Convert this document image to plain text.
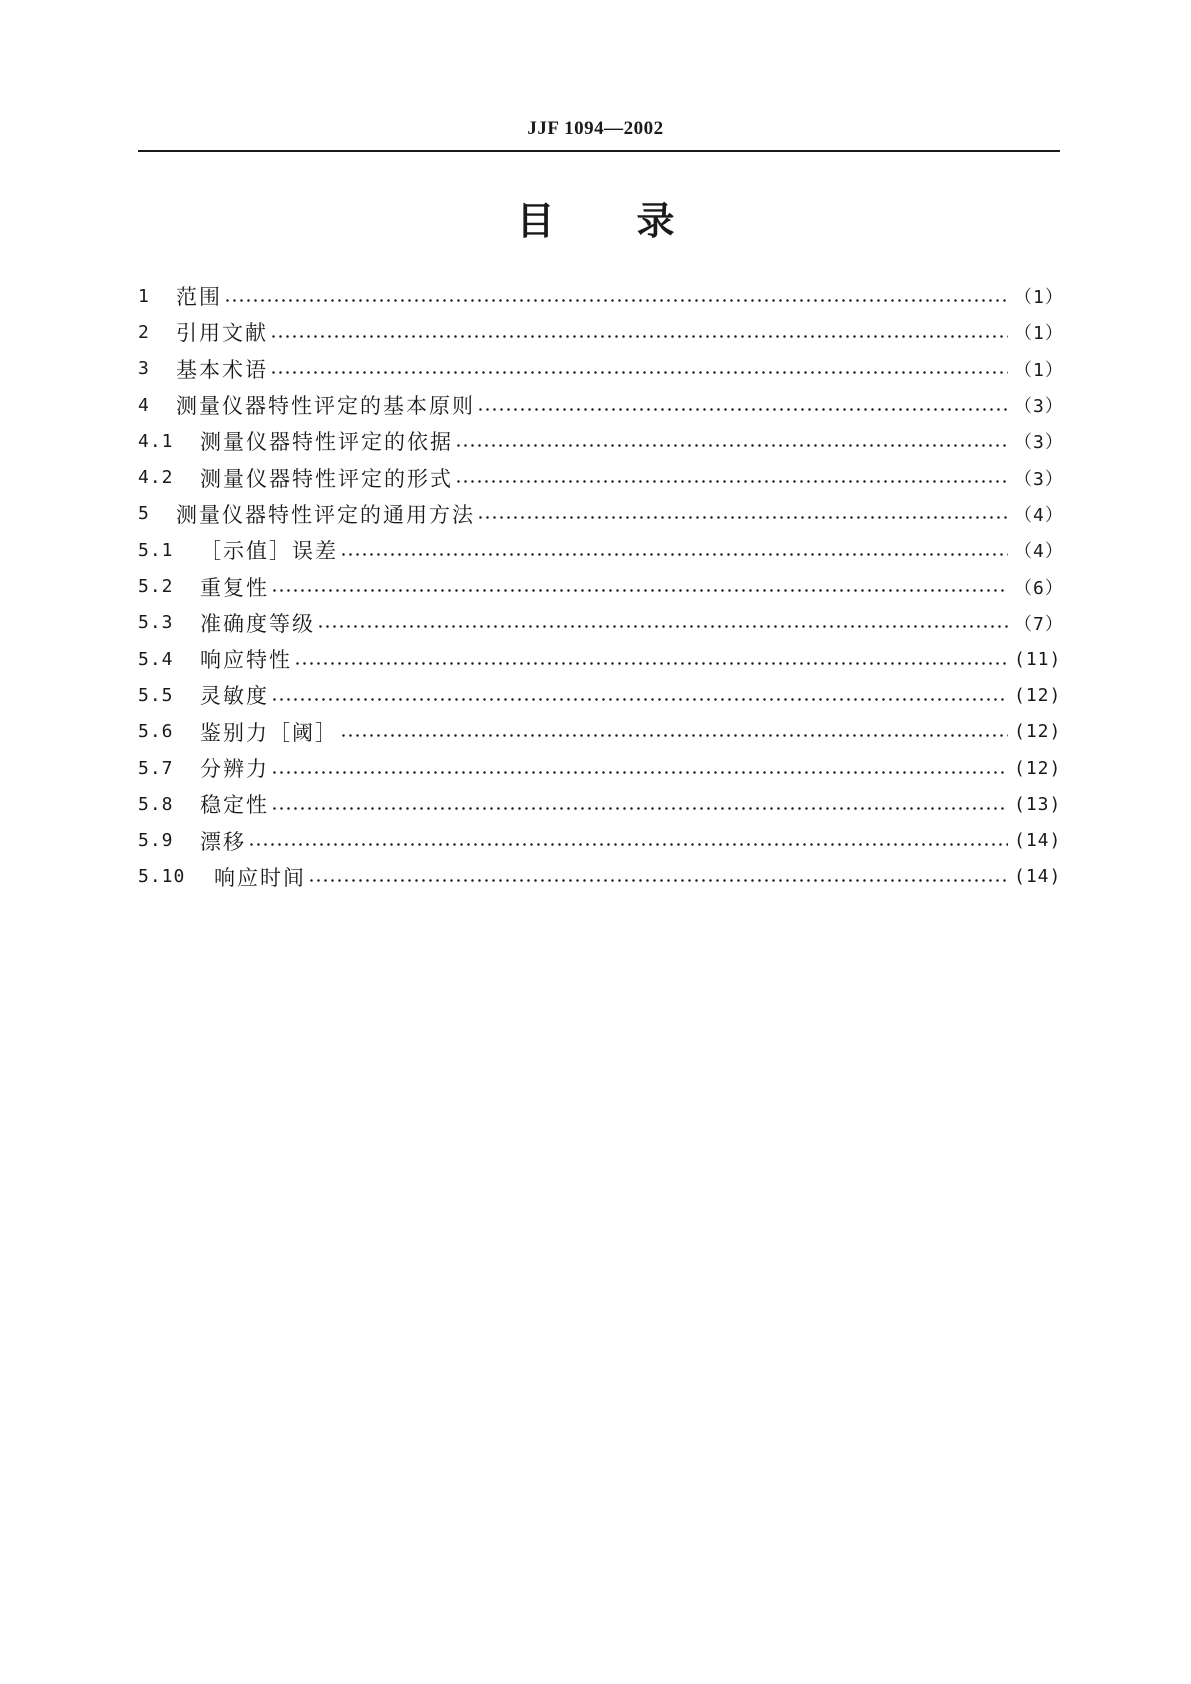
JJF 1094—2002
目 录
1	范围	（1）
2	引用文献	（1）
3	基本术语	（1）
4	测量仪器特性评定的基本原则	（3）
4.1	测量仪器特性评定的依据	（3）
4.2	测量仪器特性评定的形式	（3）
5	测量仪器特性评定的通用方法	（4）
5.1	［示值］误差	（4）
5.2	重复性	（6）
5.3	准确度等级	（7）
5.4	响应特性	(11)
5.5	灵敏度	(12)
5.6	鉴别力［阈］	(12)
5.7	分辨力	(12)
5.8	稳定性	(13)
5.9	漂移	(14)
5.10	响应时间	(14)
